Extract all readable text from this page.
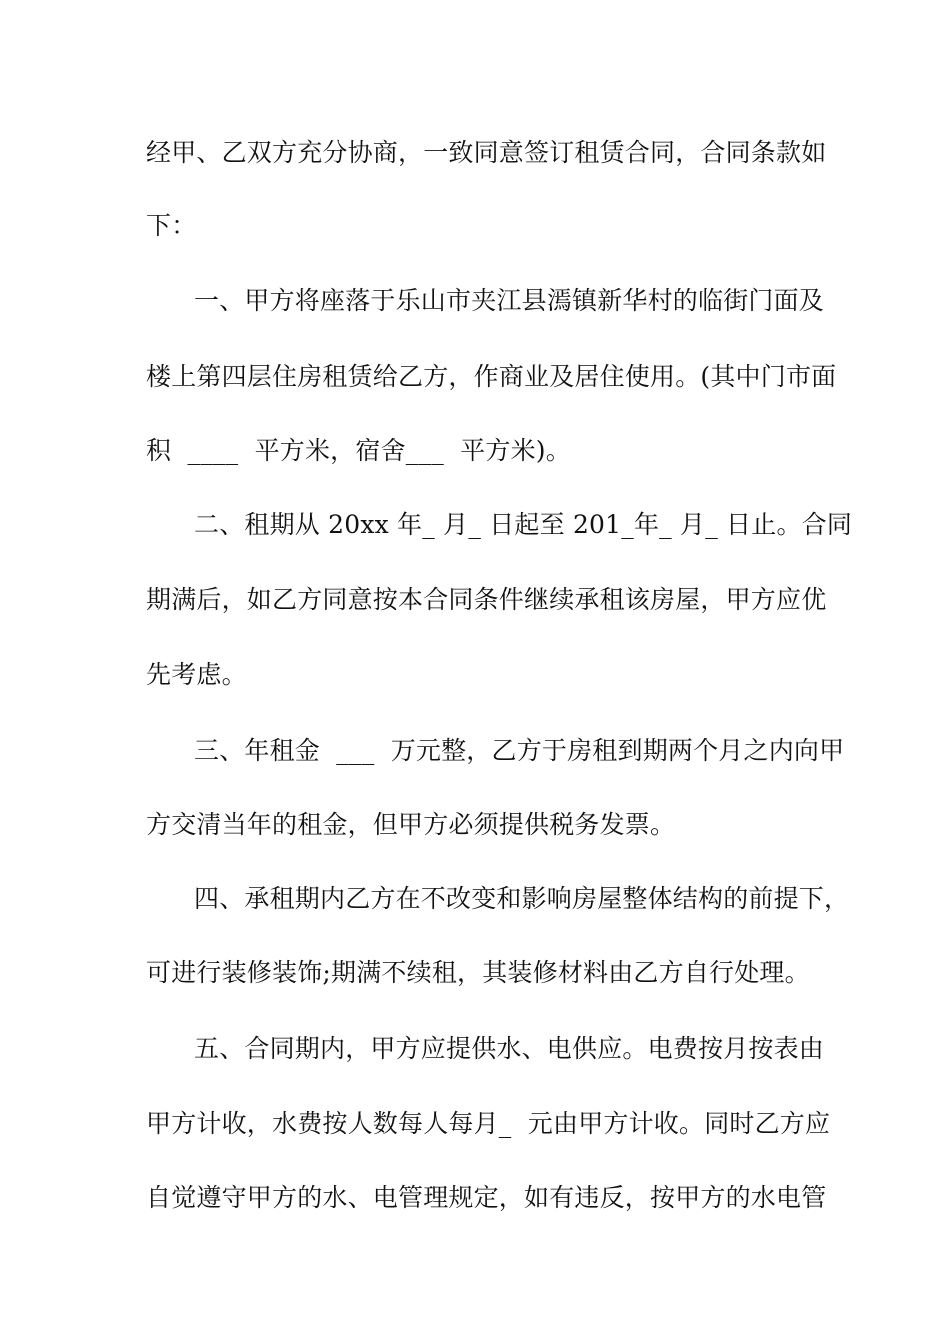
经甲、乙双方充分协商，一致同意签订租赁合同，合同条款如
下：
一、甲方将座落于乐山市夹江县漹镇新华村的临街门面及
楼上第四层住房租赁给乙方，作商业及居住使用。(其中门市面
积  ____  平方米，宿舍___  平方米)。
二、租期从 20xx 年_ 月_ 日起至 201_年_ 月_ 日止。合同
期满后，如乙方同意按本合同条件继续承租该房屋，甲方应优
先考虑。
三、年租金  ___  万元整，乙方于房租到期两个月之内向甲
方交清当年的租金，但甲方必须提供税务发票。
四、承租期内乙方在不改变和影响房屋整体结构的前提下，
可进行装修装饰;期满不续租，其装修材料由乙方自行处理。
五、合同期内，甲方应提供水、电供应。电费按月按表由
甲方计收，水费按人数每人每月_  元由甲方计收。同时乙方应
自觉遵守甲方的水、电管理规定，如有违反，按甲方的水电管
